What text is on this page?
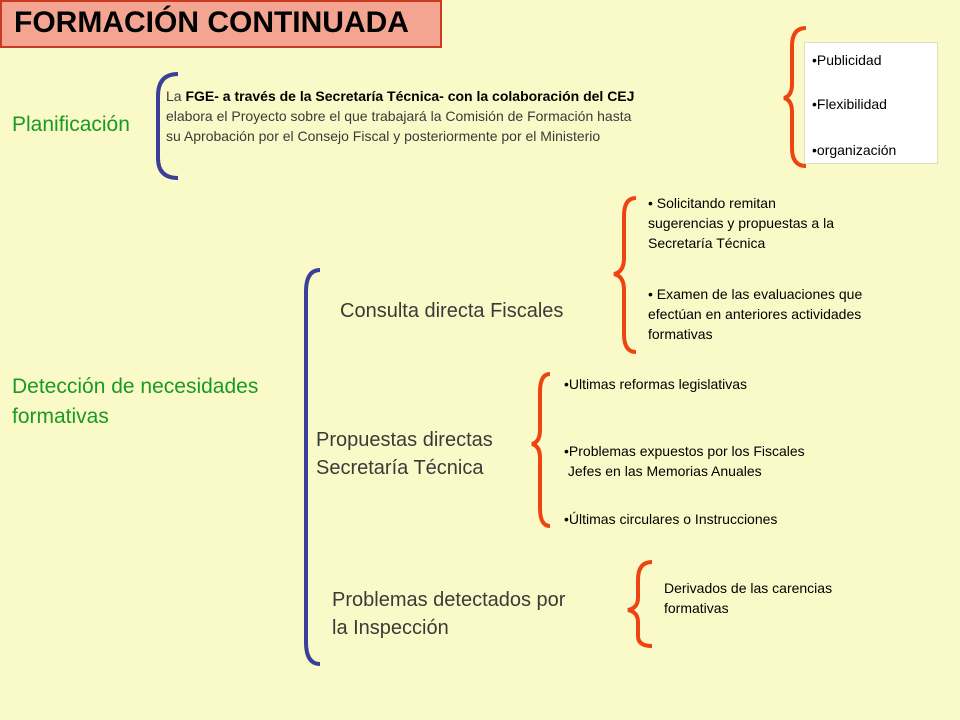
FORMACIÓN CONTINUADA
Planificación
La FGE- a través de la Secretaría Técnica- con la colaboración del CEJ
elabora el Proyecto sobre el que trabajará la Comisión de Formación hasta
su Aprobación por el Consejo Fiscal y posteriormente por el Ministerio
•Publicidad
•Flexibilidad
•organización
Detección de necesidades
formativas
Consulta directa Fiscales
• Solicitando remitan
sugerencias y propuestas a la
Secretaría Técnica
• Examen de las evaluaciones que
efectúan en anteriores actividades
formativas
Propuestas directas
Secretaría Técnica
•Ultimas reformas legislativas
•Problemas expuestos por los Fiscales
Jefes en las Memorias Anuales
•Últimas circulares o Instrucciones
Problemas detectados por
la Inspección
Derivados de las carencias
formativas
